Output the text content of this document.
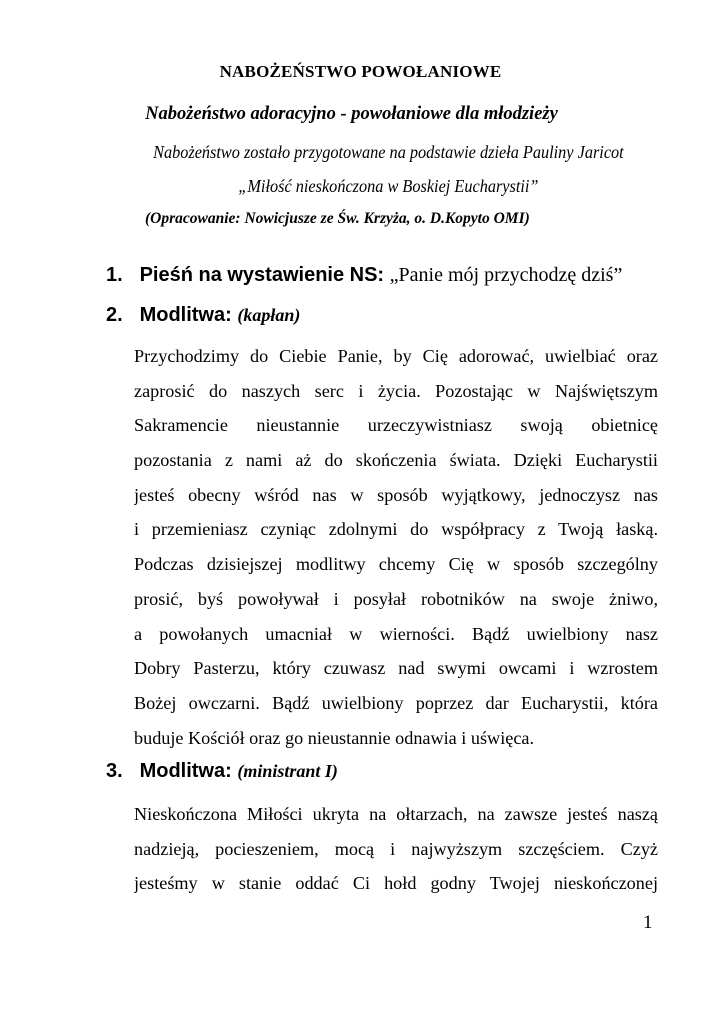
NABOŻEŃSTWO POWOŁANIOWE
Nabożeństwo adoracyjno - powołaniowe dla młodzieży
Nabożeństwo zostało przygotowane na podstawie dzieła Pauliny Jaricot
„Miłość nieskończona w Boskiej Eucharystii”
(Opracowanie: Nowicjusze ze Św. Krzyża, o. D.Kopyto OMI)
1. Pieśń na wystawienie NS: „Panie mój przychodzę dziś”
2. Modlitwa: (kapłan)
Przychodzimy do Ciebie Panie, by Cię adorować, uwielbiać oraz
zaprosić do naszych serc i życia. Pozostając w Najświętszym
Sakramencie nieustannie urzeczywistniasz swoją obietnicę
pozostania z nami aż do skończenia świata. Dzięki Eucharystii
jesteś obecny wśród nas w sposób wyjątkowy, jednoczysz nas
i przemieniasz czyniąc zdolnymi do współpracy z Twoją łaską.
Podczas dzisiejszej modlitwy chcemy Cię w sposób szczególny
prosić, byś powoływał i posyłał robotników na swoje żniwo,
a powołanych umacniał w wierności. Bądź uwielbiony nasz
Dobry Pasterzu, który czuwasz nad swymi owcami i wzrostem
Bożej owczarni. Bądź uwielbiony poprzez dar Eucharystii, która
buduje Kościół oraz go nieustannie odnawia i uświęca.
3. Modlitwa: (ministrant I)
Nieskończona Miłości ukryta na ołtarzach, na zawsze jesteś naszą
nadzieją, pocieszeniem, mocą i najwyższym szczęściem. Czyż
jesteśmy w stanie oddać Ci hołd godny Twojej nieskończonej
1
